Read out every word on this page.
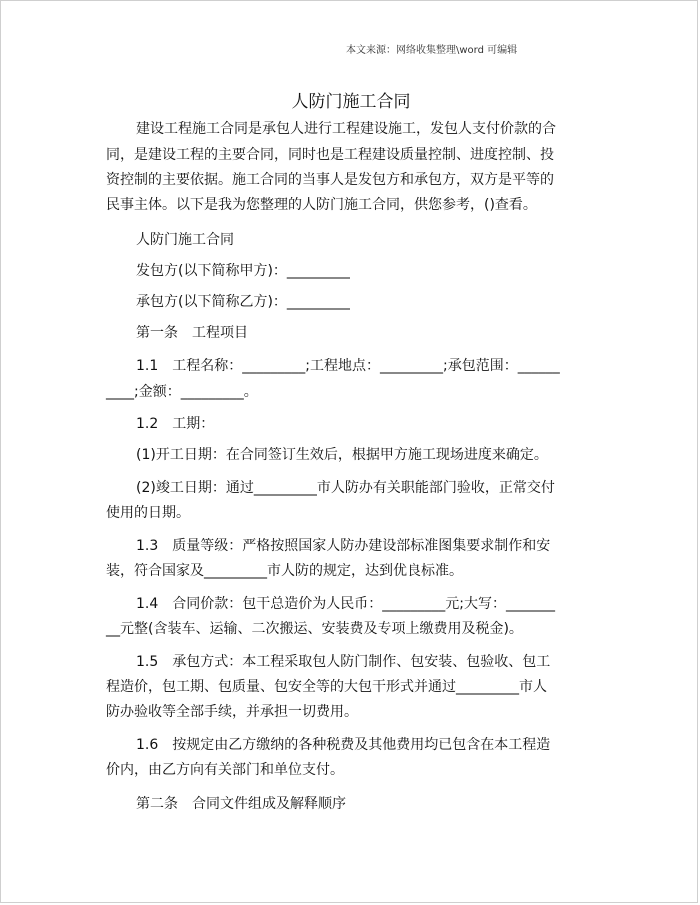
本文来源：网络收集整理\word 可编辑
人防门施工合同
建设工程施工合同是承包人进行工程建设施工，发包人支付价款的合
同，是建设工程的主要合同，同时也是工程建设质量控制、进度控制、投
资控制的主要依据。施工合同的当事人是发包方和承包方，双方是平等的
民事主体。以下是我为您整理的人防门施工合同，供您参考，()查看。
人防门施工合同
发包方(以下简称甲方)：_________
承包方(以下简称乙方)：_________
第一条　工程项目
1.1　工程名称：_________;工程地点：_________;承包范围：______
____;金额：_________。
1.2　工期：
(1)开工日期：在合同签订生效后，根据甲方施工现场进度来确定。
(2)竣工日期：通过_________市人防办有关职能部门验收，正常交付
使用的日期。
1.3　质量等级：严格按照国家人防办建设部标准图集要求制作和安
装，符合国家及_________市人防的规定，达到优良标准。
1.4　合同价款：包干总造价为人民币：_________元;大写：_______
__元整(含装车、运输、二次搬运、安装费及专项上缴费用及税金)。
1.5　承包方式：本工程采取包人防门制作、包安装、包验收、包工
程造价，包工期、包质量、包安全等的大包干形式并通过_________市人
防办验收等全部手续，并承担一切费用。
1.6　按规定由乙方缴纳的各种税费及其他费用均已包含在本工程造
价内，由乙方向有关部门和单位支付。
第二条　合同文件组成及解释顺序
